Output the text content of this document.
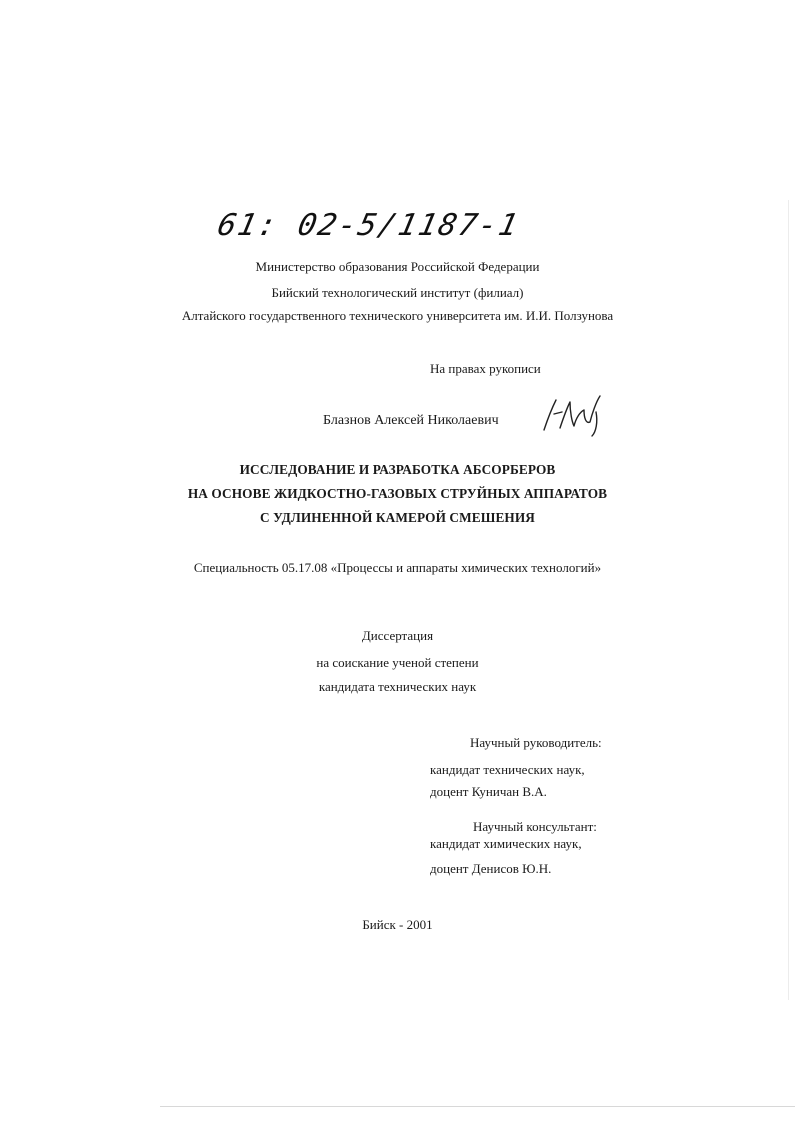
61: 02-5/1187-1
Министерство образования Российской Федерации
Бийский технологический институт (филиал)
Алтайского государственного технического университета им. И.И. Ползунова
На правах рукописи
Блазнов Алексей Николаевич
ИССЛЕДОВАНИЕ И РАЗРАБОТКА АБСОРБЕРОВ
НА ОСНОВЕ ЖИДКОСТНО-ГАЗОВЫХ СТРУЙНЫХ АППАРАТОВ
С УДЛИНЕННОЙ КАМЕРОЙ СМЕШЕНИЯ
Специальность 05.17.08 «Процессы и аппараты химических технологий»
Диссертация
на соискание ученой степени
кандидата технических наук
Научный руководитель:
кандидат технических наук,
доцент Куничан В.А.
Научный консультант:
кандидат химических наук,
доцент Денисов Ю.Н.
Бийск - 2001
